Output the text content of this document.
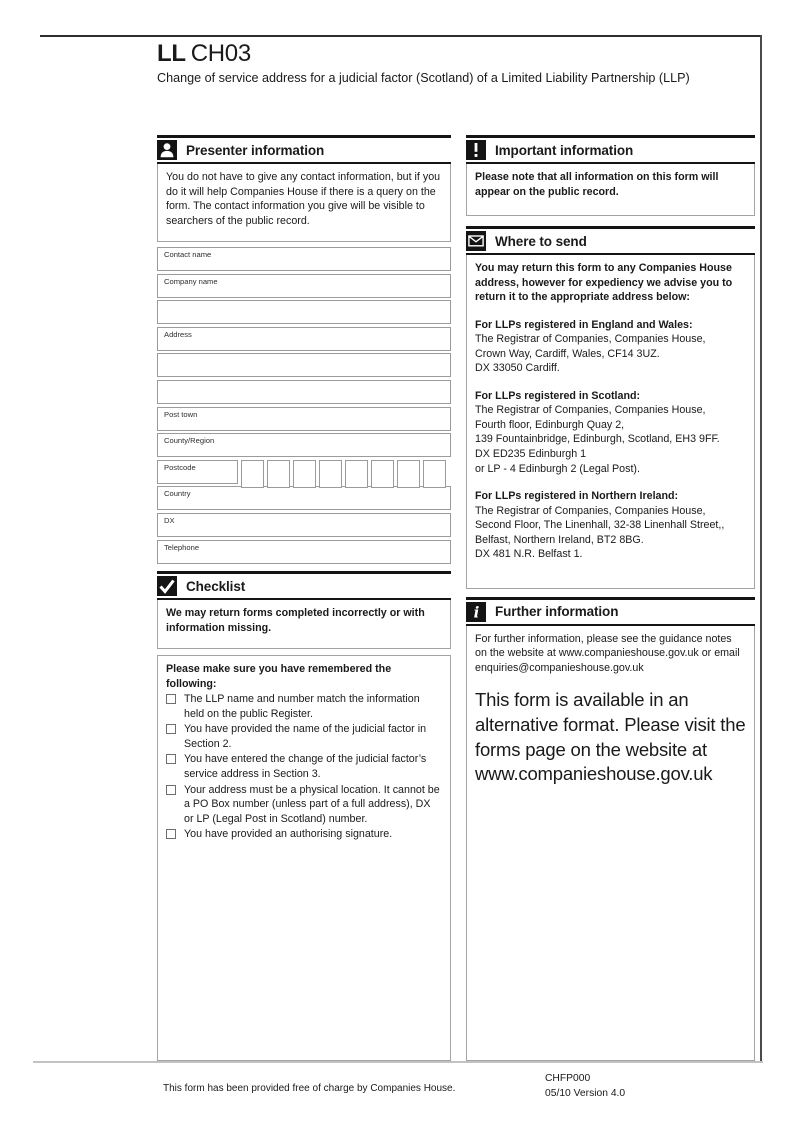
LL CH03
Change of service address for a judicial factor (Scotland) of a Limited Liability Partnership (LLP)
Presenter information
You do not have to give any contact information, but if you do it will help Companies House if there is a query on the form. The contact information you give will be visible to searchers of the public record.
Contact name
Company name
Address
Post town
County/Region
Postcode
Country
DX
Telephone
Checklist
We may return forms completed incorrectly or with information missing.
Please make sure you have remembered the following:
The LLP name and number match the information held on the public Register.
You have provided the name of the judicial factor in Section 2.
You have entered the change of the judicial factor’s service address in Section 3.
Your address must be a physical location. It cannot be a PO Box number (unless part of a full address), DX or LP (Legal Post in Scotland) number.
You have provided an authorising signature.
Important information
Please note that all information on this form will appear on the public record.
Where to send
You may return this form to any Companies House address, however for expediency we advise you to return it to the appropriate address below:
For LLPs registered in England and Wales:
The Registrar of Companies, Companies House,
Crown Way, Cardiff, Wales, CF14 3UZ.
DX 33050 Cardiff.
For LLPs registered in Scotland:
The Registrar of Companies, Companies House,
Fourth floor, Edinburgh Quay 2,
139 Fountainbridge, Edinburgh, Scotland, EH3 9FF.
DX ED235 Edinburgh 1
or LP - 4 Edinburgh 2 (Legal Post).
For LLPs registered in Northern Ireland:
The Registrar of Companies, Companies House,
Second Floor, The Linenhall, 32-38 Linenhall Street,,
Belfast, Northern Ireland, BT2 8BG.
DX 481 N.R. Belfast 1.
i Further information
For further information, please see the guidance notes on the website at www.companieshouse.gov.uk or email enquiries@companieshouse.gov.uk
This form is available in an alternative format. Please visit the forms page on the website at www.companieshouse.gov.uk
This form has been provided free of charge by Companies House.
CHFP000
05/10 Version 4.0
